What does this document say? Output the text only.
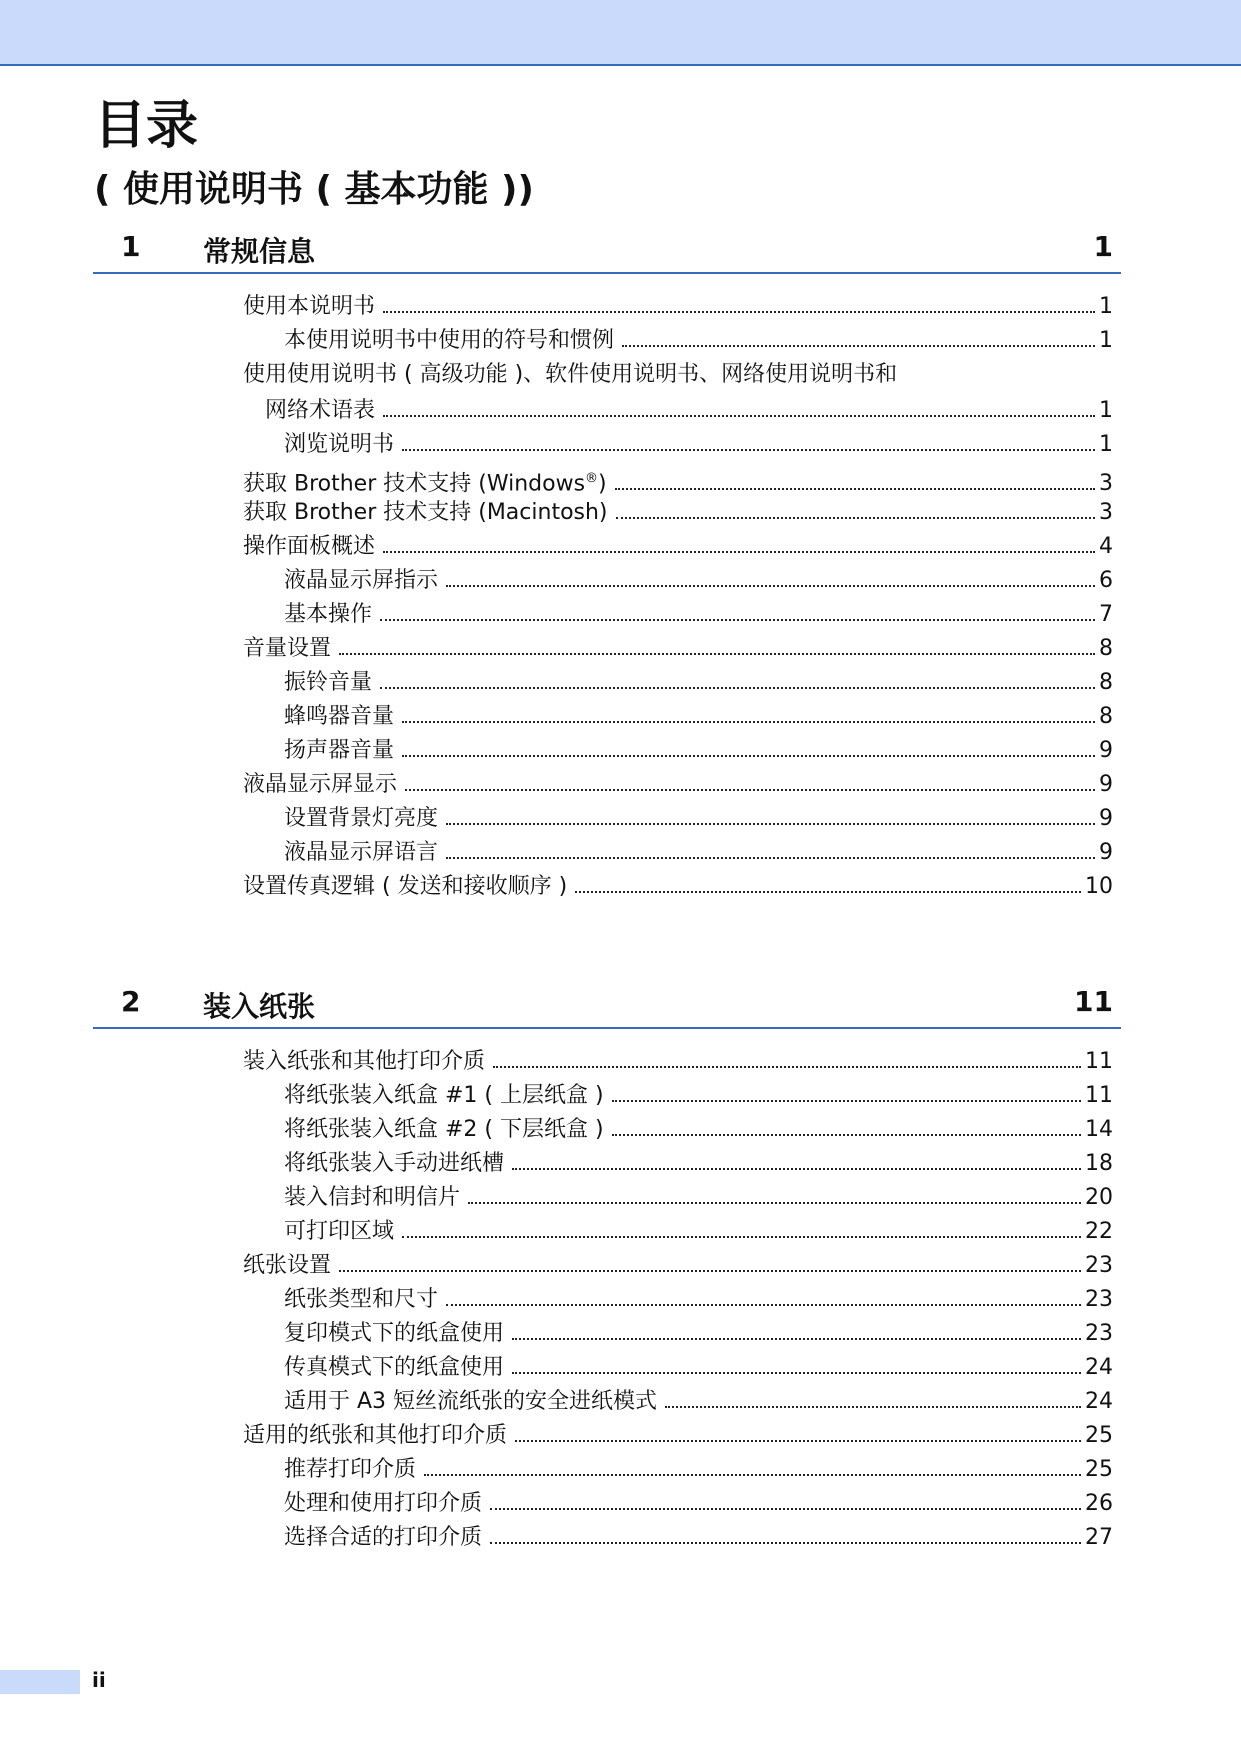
目录
( 使用说明书 ( 基本功能 ))
1 常规信息	1
使用本说明书	1
本使用说明书中使用的符号和惯例	1
使用使用说明书 ( 高级功能 )、软件使用说明书、网络使用说明书和
网络术语表	1
浏览说明书	1
获取 Brother 技术支持 (Windows®)	3
获取 Brother 技术支持 (Macintosh)	3
操作面板概述	4
液晶显示屏指示	6
基本操作	7
音量设置	8
振铃音量	8
蜂鸣器音量	8
扬声器音量	9
液晶显示屏显示	9
设置背景灯亮度	9
液晶显示屏语言	9
设置传真逻辑 ( 发送和接收顺序 )	10
2 装入纸张	11
装入纸张和其他打印介质	11
将纸张装入纸盒 #1 ( 上层纸盒 )	11
将纸张装入纸盒 #2 ( 下层纸盒 )	14
将纸张装入手动进纸槽	18
装入信封和明信片	20
可打印区域	22
纸张设置	23
纸张类型和尺寸	23
复印模式下的纸盒使用	23
传真模式下的纸盒使用	24
适用于 A3 短丝流纸张的安全进纸模式	24
适用的纸张和其他打印介质	25
推荐打印介质	25
处理和使用打印介质	26
选择合适的打印介质	27
ii
